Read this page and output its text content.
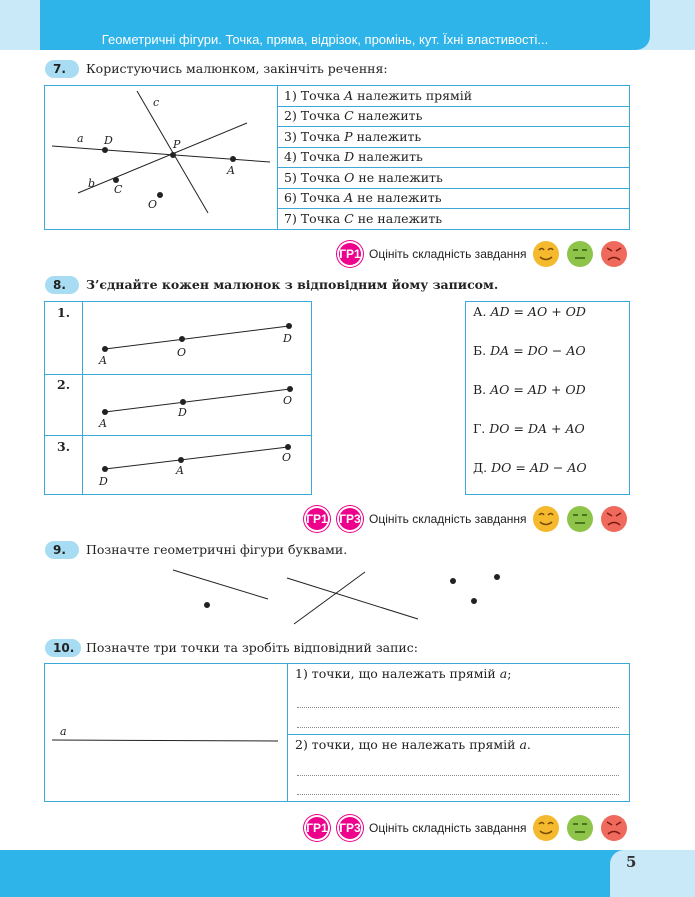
Геометричні фігури. Точка, пряма, відрізок, промінь, кут. Їхні властивості...
7.	Користуючись малюнком, закінчіть речення:
a
b
c
D	P
C
A
O
1) Точка A належить прямій
2) Точка C належить
3) Точка P належить
4) Точка D належить
5) Точка O не належить
6) Точка A не належить
7) Точка C не належить
ГР1 Оцініть складність завдання
8.	З’єднайте кожен малюнок з відповідним йому записом.
1.
2.
3.
A
O
D
A
D
O
D
A
O
А. AD = AO + OD
Б. DA = DO − AO
В. AO = AD + OD
Г. DO = DA + AO
Д. DO = AD − AO
ГР1 ГР3 Оцініть складність завдання
9.	Позначте геометричні фігури буквами.
10. Позначте три точки та зробіть відповідний запис:
a
1) точки, що належать прямій a;
2) точки, що не належать прямій a.
ГР1 ГР3 Оцініть складність завдання
5
